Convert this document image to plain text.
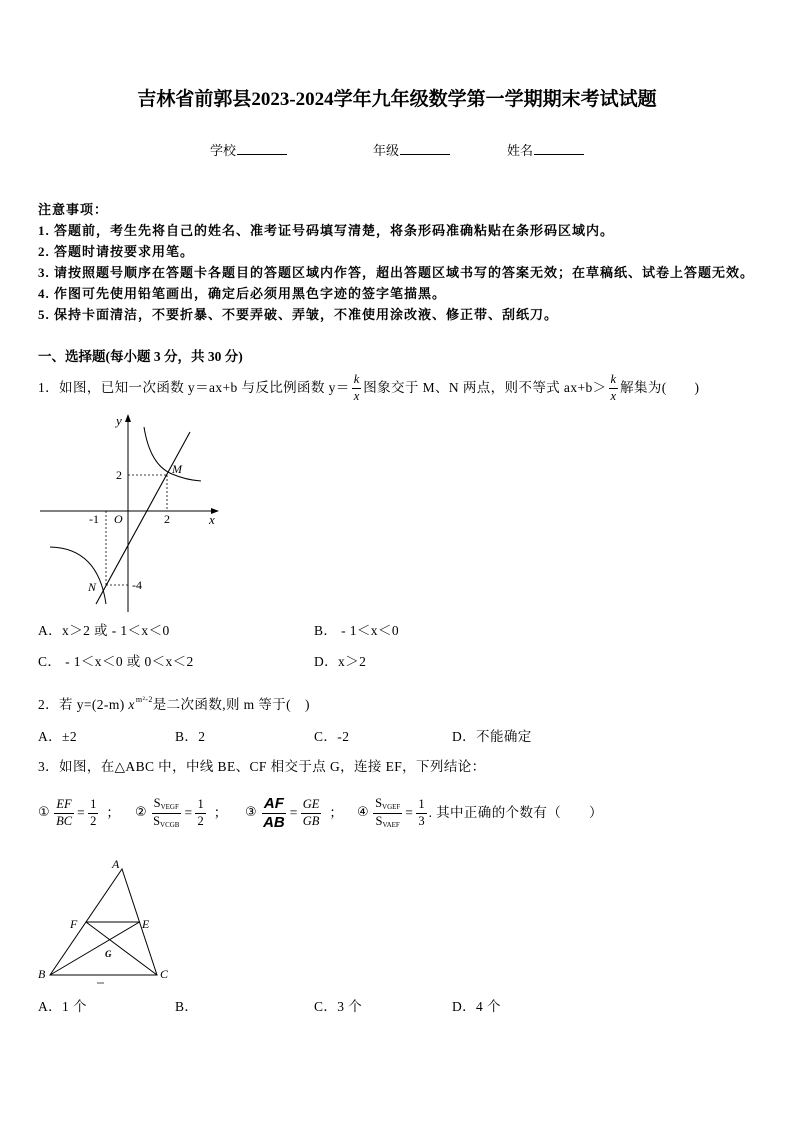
吉林省前郭县2023-2024学年九年级数学第一学期期末考试试题
学校	年级	姓名
注意事项：
1. 答题前，考生先将自己的姓名、准考证号码填写清楚，将条形码准确粘贴在条形码区域内。
2. 答题时请按要求用笔。
3. 请按照题号顺序在答题卡各题目的答题区域内作答，超出答题区域书写的答案无效；在草稿纸、试卷上答题无效。
4. 作图可先使用铅笔画出，确定后必须用黑色字迹的签字笔描黑。
5. 保持卡面清洁，不要折暴、不要弄破、弄皱，不准使用涂改液、修正带、刮纸刀。
一、选择题(每小题 3 分，共 30 分)
1．如图，已知一次函数 y＝ax+b 与反比例函数 $y= \frac{k}{x}$ 图象交于 M、N 两点，则不等式 $ax+b> \frac{k}{x}$ 解集为(　　)
y
x
O
-1	2
2
-4
M
N
A．x＞2 或 - 1＜x＜0	B． - 1＜x＜0
C． - 1＜x＜0 或 0＜x＜2	D．x＞2
2．若 y=(2-m) $x^{m^2-2}$是二次函数,则 m 等于(　)
A．±2	B．2	C．-2	D．不能确定
3．如图，在△ABC 中，中线 BE、CF 相交于点 G，连接 EF，下列结论：
① $\frac{EF}{BC} = \frac{1}{2}$ ； ② $\frac{S_{VEGF}}{S_{VCGB}} = \frac{1}{2}$ ； ③ $\frac{AF}{AB} = \frac{GE}{GB}$ ； ④ $\frac{S_{VGEF}}{S_{VAEF}} = \frac{1}{3}$ . 其中正确的个数有（　　）
A
F	E
G
B	C
A．1 个	B．	C．3 个	D．4 个
